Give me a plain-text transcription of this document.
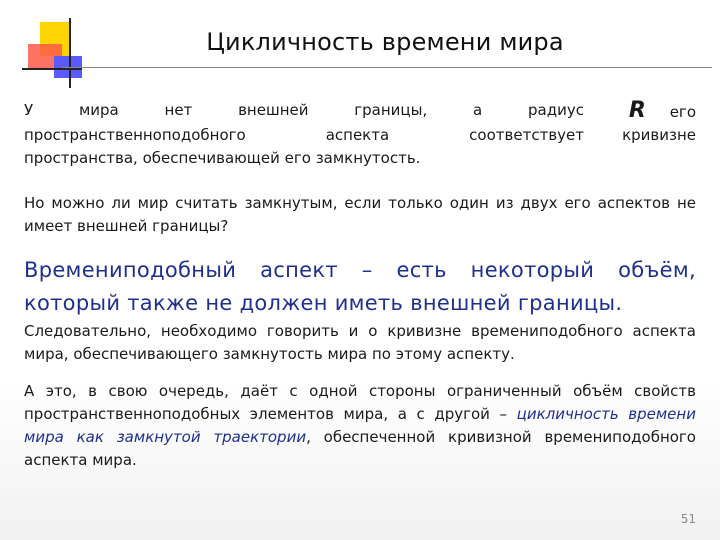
Цикличность времени мира
У мира нет внешней границы, а радиус	R его
пространственноподобного аспекта соответствует	кривизне
пространства, обеспечивающей его замкнутость.

Но можно ли мир считать замкнутым, если только один из двух его аспектов не имеет внешней границы?

Времениподобный аспект – есть некоторый объём, который также не должен иметь внешней границы.

Следовательно, необходимо говорить и о кривизне времениподобного аспекта мира, обеспечивающего замкнутость мира по этому аспекту.

А это, в свою очередь, даёт с одной стороны ограниченный объём свойств пространственноподобных элементов мира, а с другой – цикличность времени мира как замкнутой траектории, обеспеченной кривизной времениподобного аспекта мира.

51
